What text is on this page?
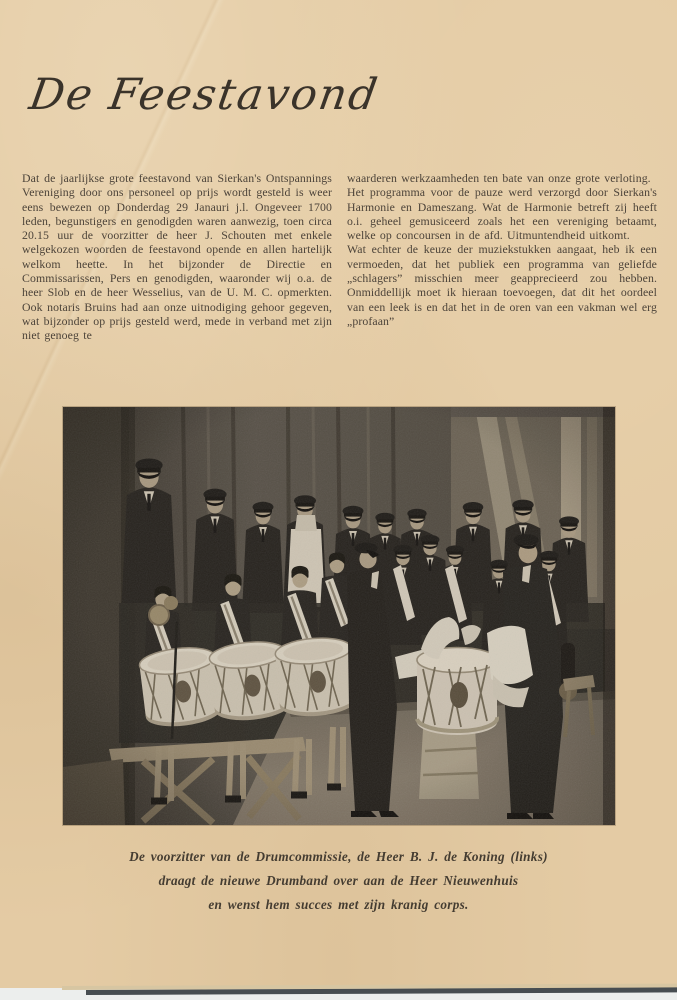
De Feestavond

Dat de jaarlijkse grote feestavond van Sierkan's Ontspannings Vereniging door ons personeel op prijs wordt gesteld is weer eens bewezen op Donderdag 29 Janauri j.l. Ongeveer 1700 leden, begunstigers en genodigden waren aanwezig, toen circa 20.15 uur de voorzitter de heer J. Schouten met enkele welgekozen woorden de feestavond opende en allen hartelijk welkom heette. In het bijzonder de Directie en Commissarissen, Pers en genodigden, waaronder wij o.a. de heer Slob en de heer Wesselius, van de U. M. C. opmerkten. Ook notaris Bruins had aan onze uitnodiging gehoor gegeven, wat bijzonder op prijs gesteld werd, mede in verband met zijn niet genoeg te

waarderen werkzaamheden ten bate van onze grote verloting.

Het programma voor de pauze werd verzorgd door Sierkan's Harmonie en Dameszang. Wat de Harmonie betreft zij heeft o.i. geheel gemusiceerd zoals het een vereniging betaamt, welke op concoursen in de afd. Uitmuntendheid uitkomt.

Wat echter de keuze der muziekstukken aangaat, heb ik een vermoeden, dat het publiek een programma van geliefde „schlagers” misschien meer geapprecieerd zou hebben. Onmiddellijk moet ik hieraan toevoegen, dat dit het oordeel van een leek is en dat het in de oren van een vakman wel erg „profaan”

De voorzitter van de Drumcommissie, de Heer B. J. de Koning (links)
draagt de nieuwe Drumband over aan de Heer Nieuwenhuis
en wenst hem succes met zijn kranig corps.
